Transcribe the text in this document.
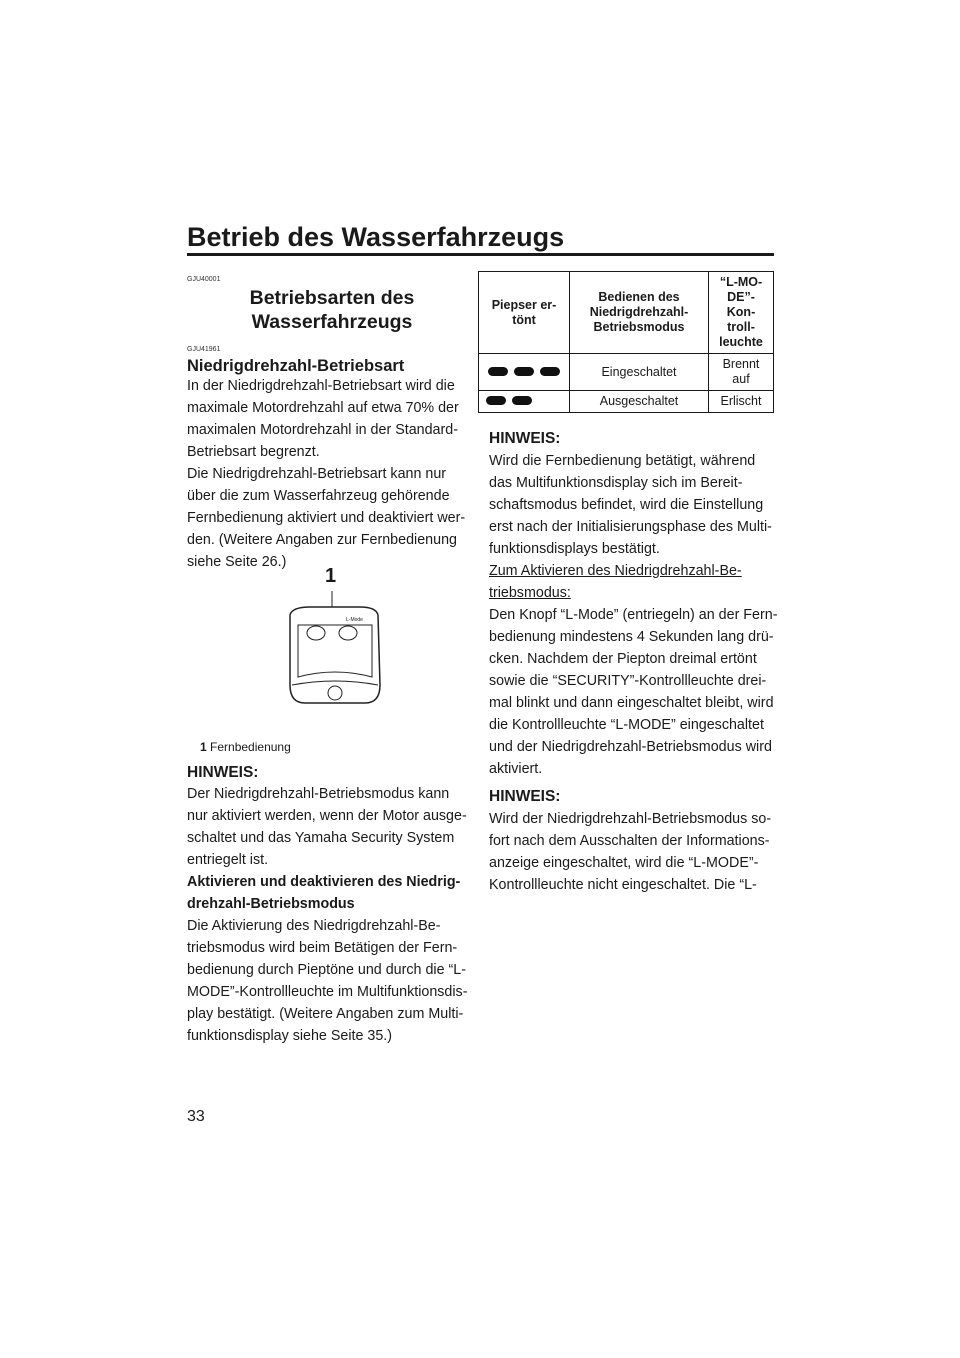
Betrieb des Wasserfahrzeugs
GJU40001
Betriebsarten des
Wasserfahrzeugs
GJU41961
Niedrigdrehzahl-Betriebsart
In der Niedrigdrehzahl-Betriebsart wird die
maximale Motordrehzahl auf etwa 70% der
maximalen Motordrehzahl in der Standard-
Betriebsart begrenzt.
Die Niedrigdrehzahl-Betriebsart kann nur
über die zum Wasserfahrzeug gehörende
Fernbedienung aktiviert und deaktiviert wer-
den. (Weitere Angaben zur Fernbedienung
siehe Seite 26.)
1
L-Mode
1 Fernbedienung
HINWEIS:
Der Niedrigdrehzahl-Betriebsmodus kann
nur aktiviert werden, wenn der Motor ausge-
schaltet und das Yamaha Security System
entriegelt ist.
Aktivieren und deaktivieren des Niedrig-
drehzahl-Betriebsmodus
Die Aktivierung des Niedrigdrehzahl-Be-
triebsmodus wird beim Betätigen der Fern-
bedienung durch Pieptöne und durch die “L-
MODE”-Kontrollleuchte im Multifunktionsdis-
play bestätigt. (Weitere Angaben zum Multi-
funktionsdisplay siehe Seite 35.)
Piepser er-
tönt	Bedienen des
Niedrigdrehzahl-
Betriebsmodus	“L-MO-
DE”-Kon-
troll-
leuchte
	Eingeschaltet	Brennt auf
	Ausgeschaltet	Erlischt
HINWEIS:
Wird die Fernbedienung betätigt, während
das Multifunktionsdisplay sich im Bereit-
schaftsmodus befindet, wird die Einstellung
erst nach der Initialisierungsphase des Multi-
funktionsdisplays bestätigt.
Zum Aktivieren des Niedrigdrehzahl-Be-
triebsmodus:
Den Knopf “L-Mode” (entriegeln) an der Fern-
bedienung mindestens 4 Sekunden lang drü-
cken. Nachdem der Piepton dreimal ertönt
sowie die “SECURITY”-Kontrollleuchte drei-
mal blinkt und dann eingeschaltet bleibt, wird
die Kontrollleuchte “L-MODE” eingeschaltet
und der Niedrigdrehzahl-Betriebsmodus wird
aktiviert.
HINWEIS:
Wird der Niedrigdrehzahl-Betriebsmodus so-
fort nach dem Ausschalten der Informations-
anzeige eingeschaltet, wird die “L-MODE”-
Kontrollleuchte nicht eingeschaltet. Die “L-
33
